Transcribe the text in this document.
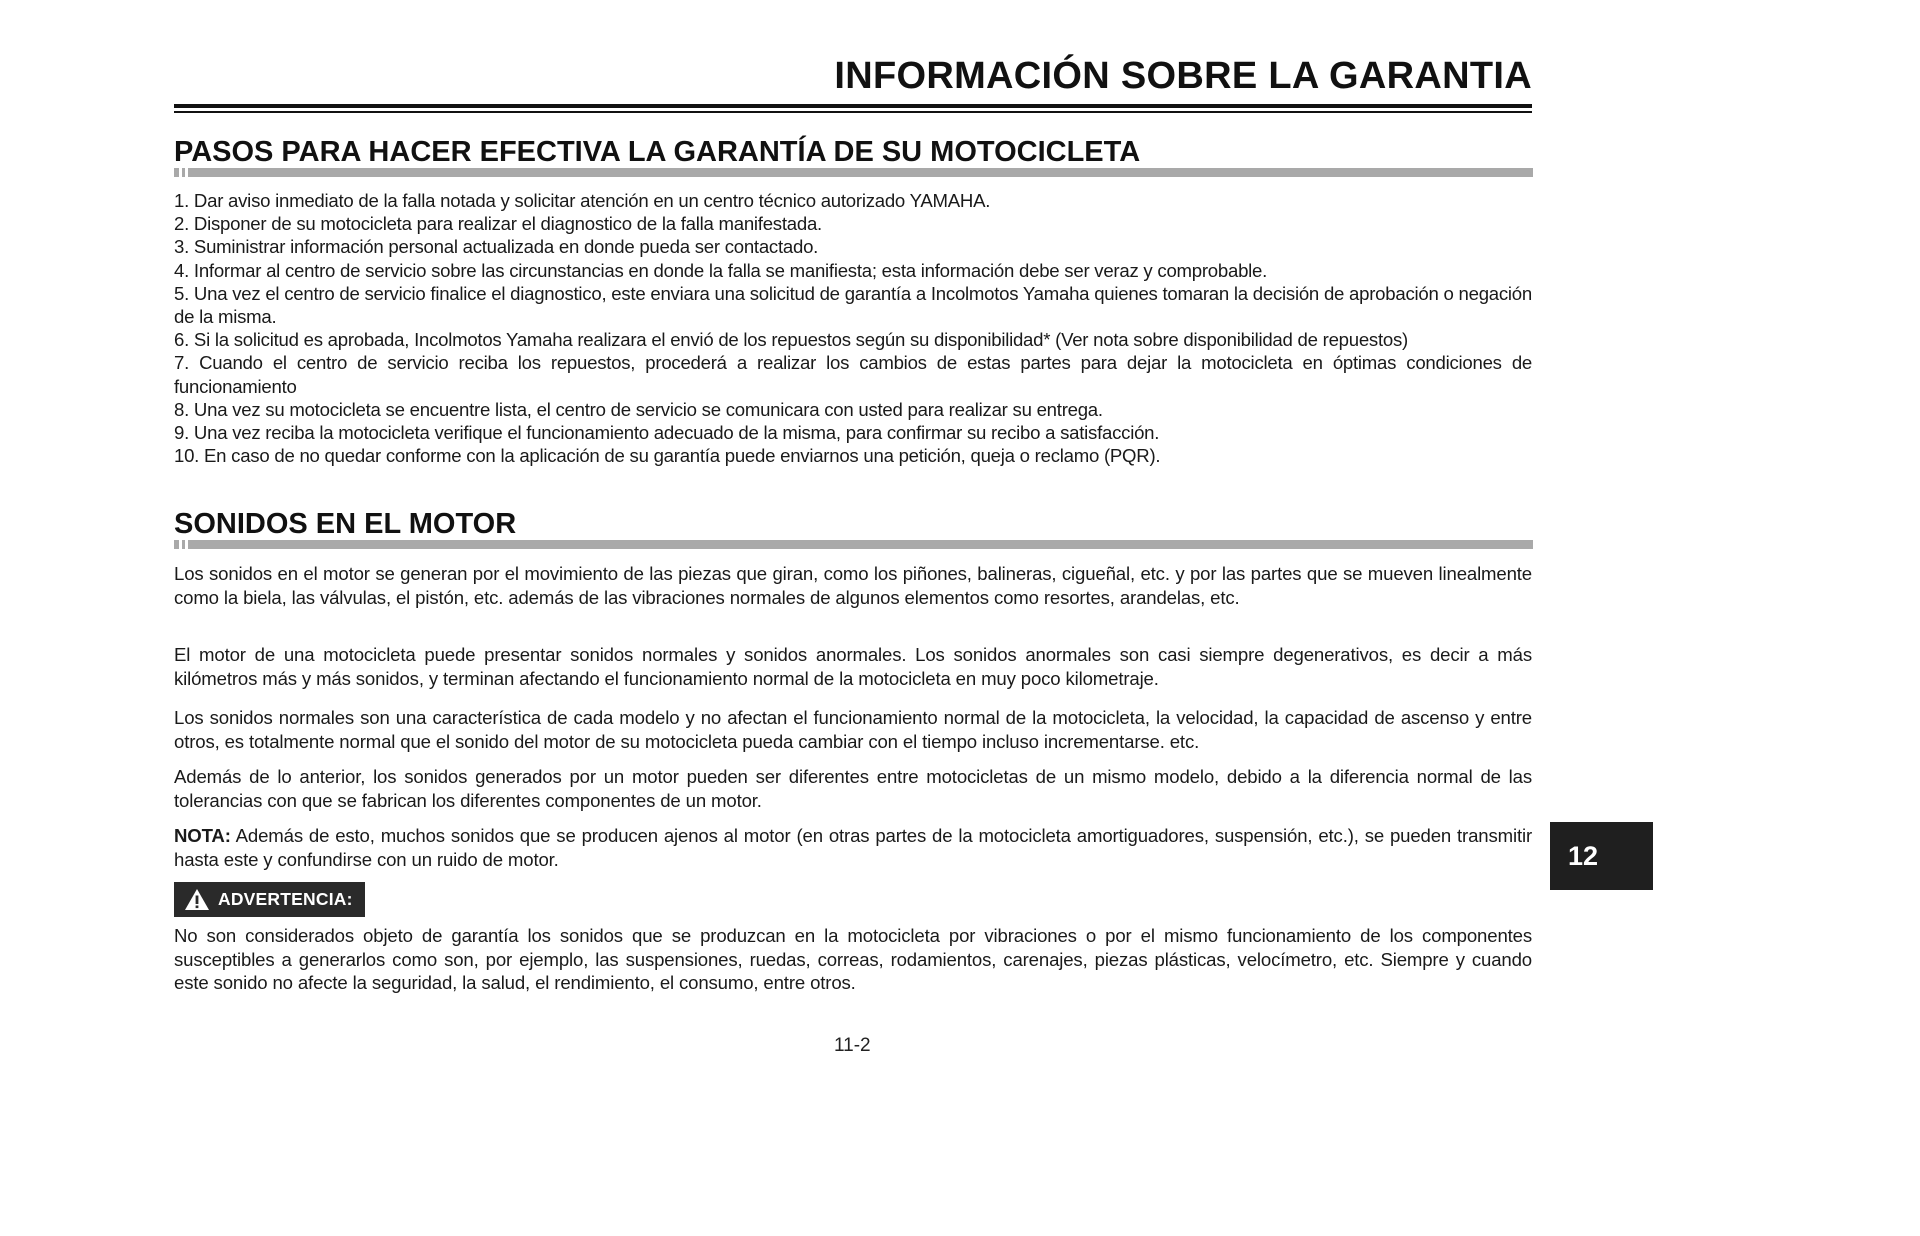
INFORMACIÓN SOBRE LA GARANTIA
PASOS PARA HACER EFECTIVA LA GARANTÍA DE SU MOTOCICLETA
1. Dar aviso inmediato de la falla notada y solicitar atención en un centro técnico autorizado YAMAHA.
2. Disponer de su motocicleta para realizar el diagnostico de la falla manifestada.
3. Suministrar información personal actualizada en donde pueda ser contactado.
4. Informar al centro de servicio sobre las circunstancias en donde la falla se manifiesta; esta información debe ser veraz y comprobable.
5. Una vez el centro de servicio finalice el diagnostico, este enviara una solicitud de garantía a Incolmotos Yamaha quienes tomaran la decisión de aprobación o negación de la misma.
6. Si la solicitud es aprobada, Incolmotos Yamaha realizara el envió de los repuestos según su disponibilidad* (Ver nota sobre disponibilidad de repuestos)
7. Cuando el centro de servicio reciba los repuestos, procederá a realizar los cambios de estas partes para dejar la motocicleta en óptimas condiciones de funcionamiento
8. Una vez su motocicleta se encuentre lista, el centro de servicio se comunicara con usted para realizar su entrega.
9. Una vez reciba la motocicleta verifique el funcionamiento adecuado de la misma, para confirmar su recibo a satisfacción.
10. En caso de no quedar conforme con la aplicación de su garantía puede enviarnos una petición, queja o reclamo (PQR).
SONIDOS EN EL MOTOR

Los sonidos en el motor se generan por el movimiento de las piezas que giran, como los piñones, balineras, cigueñal, etc. y por las partes que se mueven linealmente como la biela, las válvulas, el pistón, etc. además de las vibraciones normales de algunos elementos como resortes, arandelas, etc.

El motor de una motocicleta puede presentar sonidos normales y sonidos anormales. Los sonidos anormales son casi siempre degenerativos, es decir a más kilómetros más y más sonidos, y terminan afectando el funcionamiento normal de la motocicleta en muy poco kilometraje.

Los sonidos normales son una característica de cada modelo y no afectan el funcionamiento normal de la motocicleta, la velocidad, la capacidad de ascenso y entre otros, es totalmente normal que el sonido del motor de su motocicleta pueda cambiar con el tiempo incluso incrementarse. etc.

Además de lo anterior, los sonidos generados por un motor pueden ser diferentes entre motocicletas de un mismo modelo, debido a la diferencia normal de las tolerancias con que se fabrican los diferentes componentes de un motor.

NOTA: Además de esto, muchos sonidos que se producen ajenos al motor (en otras partes de la motocicleta amortiguadores, suspensión, etc.), se pueden transmitir hasta este y confundirse con un ruido de motor.

ADVERTENCIA:

No son considerados objeto de garantía los sonidos que se produzcan en la motocicleta por vibraciones o por el mismo funcionamiento de los componentes susceptibles a generarlos como son, por ejemplo, las suspensiones, ruedas, correas, rodamientos, carenajes, piezas plásticas, velocímetro, etc. Siempre y cuando este sonido no afecte la seguridad, la salud, el rendimiento, el consumo, entre otros.

12
11-2
